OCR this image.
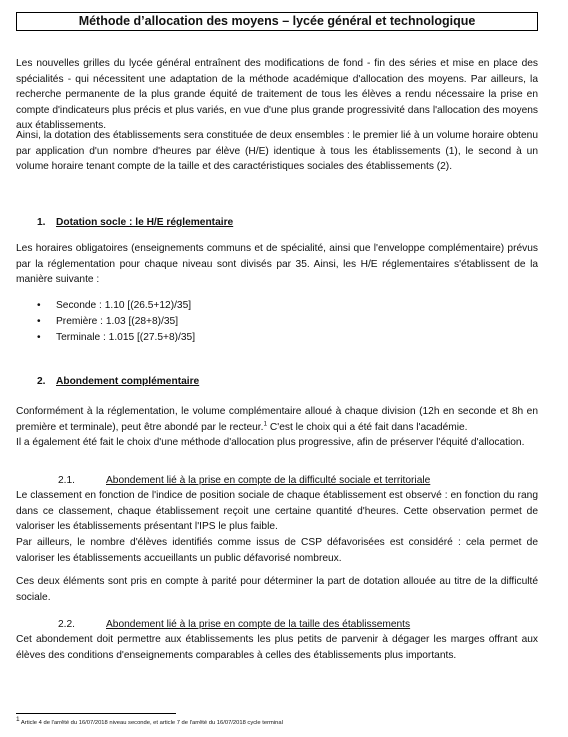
Méthode d’allocation des moyens – lycée général et technologique

Les nouvelles grilles du lycée général entraînent des modifications de fond - fin des séries et mise en place des spécialités - qui nécessitent une adaptation de la méthode académique d'allocation des moyens. Par ailleurs, la recherche permanente de la plus grande équité de traitement de tous les élèves a rendu nécessaire la prise en compte d'indicateurs plus précis et plus variés, en vue d'une plus grande progressivité dans l'allocation des moyens aux établissements.

Ainsi, la dotation des établissements sera constituée de deux ensembles : le premier lié à un volume horaire obtenu par application d'un nombre d'heures par élève (H/E) identique à tous les établissements (1), le second à un volume horaire tenant compte de la taille et des caractéristiques sociales des établissements (2).

1. Dotation socle : le H/E réglementaire

Les horaires obligatoires (enseignements communs et de spécialité, ainsi que l'enveloppe complémentaire) prévus par la réglementation pour chaque niveau sont divisés par 35. Ainsi, les H/E réglementaires s'établissent de la manière suivante :

• Seconde : 1.10 [(26.5+12)/35]
• Première : 1.03 [(28+8)/35]
• Terminale : 1.015 [(27.5+8)/35]
2. Abondement complémentaire

Conformément à la réglementation, le volume complémentaire alloué à chaque division (12h en seconde et 8h en première et terminale), peut être abondé par le recteur.$^1$ C'est le choix qui a été fait dans l'académie.
Il a également été fait le choix d'une méthode d'allocation plus progressive, afin de préserver l'équité d'allocation.

2.1.	Abondement lié à la prise en compte de la difficulté sociale et territoriale

Le classement en fonction de l'indice de position sociale de chaque établissement est observé : en fonction du rang dans ce classement, chaque établissement reçoit une certaine quantité d'heures. Cette observation permet de valoriser les établissements présentant l'IPS le plus faible.

Par ailleurs, le nombre d'élèves identifiés comme issus de CSP défavorisées est considéré : cela permet de valoriser les établissements accueillants un public défavorisé nombreux.

Ces deux éléments sont pris en compte à parité pour déterminer la part de dotation allouée au titre de la difficulté sociale.

2.2.	Abondement lié à la prise en compte de la taille des établissements

Cet abondement doit permettre aux établissements les plus petits de parvenir à dégager les marges offrant aux élèves des conditions d'enseignements comparables à celles des établissements plus importants.

$^1$ Article 4 de l'arrêté du 16/07/2018 niveau seconde, et article 7 de l'arrêté du 16/07/2018 cycle terminal
